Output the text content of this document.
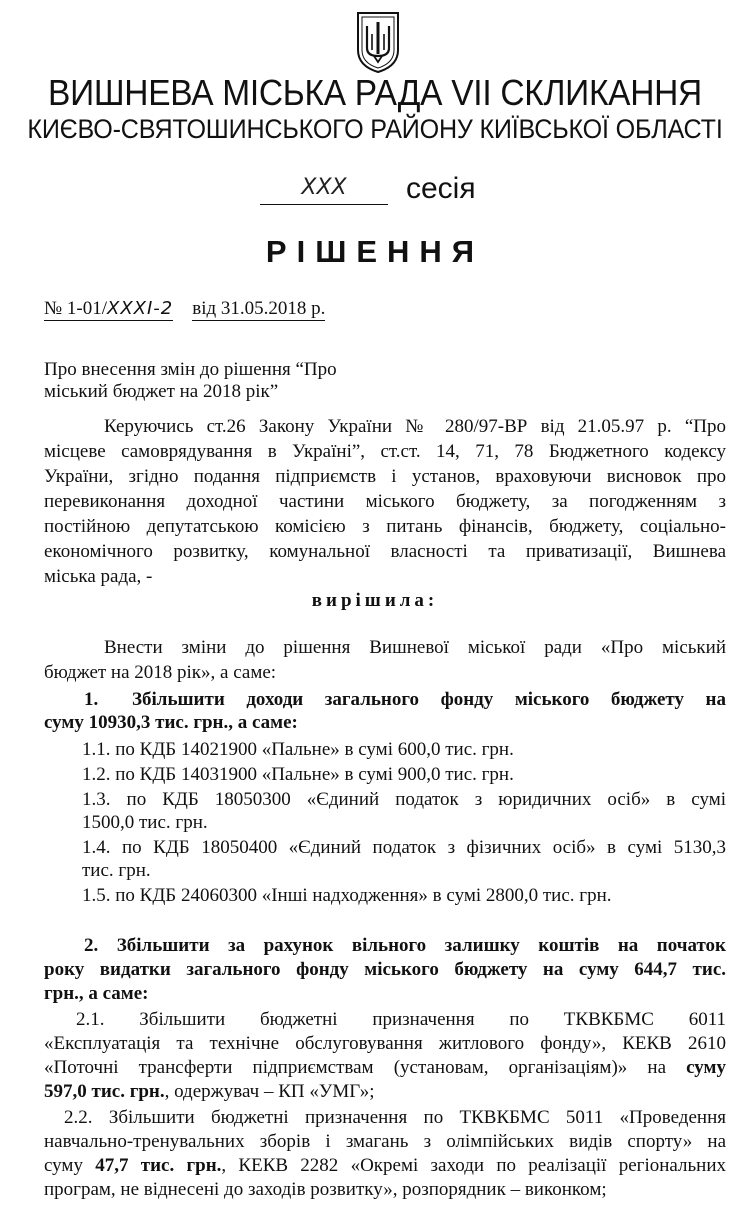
ВИШНЕВА МІСЬКА РАДА VII СКЛИКАННЯ
КИЄВО-СВЯТОШИНСЬКОГО РАЙОНУ КИЇВСЬКОЇ ОБЛАСТІ
XXX	сесія
РІШЕННЯ
№ 1-01/XXXI-2 від 31.05.2018 р.
Про внесення змін до рішення “Про
міський бюджет на 2018 рік”
Керуючись ст.26 Закону України № 280/97-ВР від 21.05.97 р. “Про
місцеве самоврядування в Україні”, ст.ст. 14, 71, 78 Бюджетного кодексу
України, згідно подання підприємств і установ, враховуючи висновок про
перевиконання доходної частини міського бюджету, за погодженням з
постійною депутатською комісією з питань фінансів, бюджету, соціально-
економічного розвитку, комунальної власності та приватизації, Вишнева
міська рада, -
вирішила:
Внести зміни до рішення Вишневої міської ради «Про міський
бюджет на 2018 рік», а саме:
1. Збільшити доходи загального фонду міського бюджету на
суму 10930,3 тис. грн., а саме:
1.1. по КДБ 14021900 «Пальне» в сумі 600,0 тис. грн.
1.2. по КДБ 14031900 «Пальне» в сумі 900,0 тис. грн.
1.3. по КДБ 18050300 «Єдиний податок з юридичних осіб» в сумі
1500,0 тис. грн.
1.4. по КДБ 18050400 «Єдиний податок з фізичних осіб» в сумі 5130,3
тис. грн.
1.5. по КДБ 24060300 «Інші надходження» в сумі 2800,0 тис. грн.
2. Збільшити за рахунок вільного залишку коштів на початок
року видатки загального фонду міського бюджету на суму 644,7 тис.
грн., а саме:
2.1. Збільшити бюджетні призначення по ТКВКБМС 6011
«Експлуатація та технічне обслуговування житлового фонду», КЕКВ 2610
«Поточні трансферти підприємствам (установам, організаціям)» на суму
597,0 тис. грн., одержувач – КП «УМГ»;
2.2. Збільшити бюджетні призначення по ТКВКБМС 5011 «Проведення
навчально-тренувальних зборів і змагань з олімпійських видів спорту» на
суму 47,7 тис. грн., КЕКВ 2282 «Окремі заходи по реалізації регіональних
програм, не віднесені до заходів розвитку», розпорядник – виконком;
